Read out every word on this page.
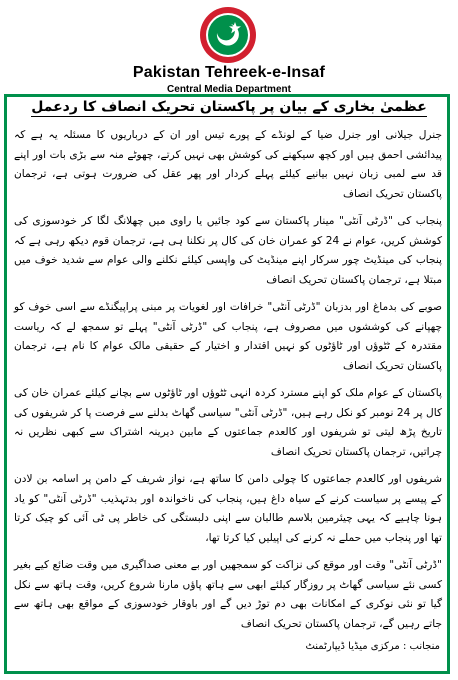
Pakistan Tehreek-e-Insaf
Central Media Department
عظمیٰ بخاری کے بیان پر پاکستان تحریک انصاف کا ردعمل

جنرل جیلانی اور جنرل ضیا کے لونڈے کے پورے تیس اور ان کے درباریوں کا مسئلہ یہ ہے کہ پیدائشی احمق ہیں اور کچھ سیکھنے کی کوشش بھی نہیں کرتے، چھوٹے منہ سے بڑی بات اور اپنے قد سے لمبی زبان نہیں بیانیے کیلئے پہلے کردار اور پھر عقل کی ضرورت ہوتی ہے، ترجمان پاکستان تحریک انصاف

پنجاب کی "ڈرٹی آنٹی" مینار پاکستان سے کود جائیں یا راوی میں چھلانگ لگا کر خودسوزی کی کوشش کریں، عوام نے 24 کو عمران خان کی کال پر نکلنا ہی ہے، ترجمان قوم دیکھ رہی ہے کہ پنجاب کی مینڈیٹ چور سرکار اپنے مینڈیٹ کی واپسی کیلئے نکلنے والی عوام سے شدید خوف میں مبتلا ہے، ترجمان پاکستان تحریک انصاف

صوبے کی بدماغ اور بدزبان "ڈرٹی آنٹی" خرافات اور لغویات پر مبنی پراپیگنڈے سے اسی خوف کو چھپانے کی کوششوں میں مصروف ہے، پنجاب کی "ڈرٹی آنٹی" پہلے تو سمجھ لے کہ ریاست مقتدرہ کے ٹٹوؤں اور ٹاؤٹوں کو نہیں اقتدار و اختیار کے حقیقی مالک عوام کا نام ہے، ترجمان پاکستان تحریک انصاف

پاکستان کے عوام ملک کو اپنے مسترد کردہ انہی ٹٹوؤں اور ٹاؤٹوں سے بچانے کیلئے عمران خان کی کال پر 24 نومبر کو نکل رہے ہیں، "ڈرٹی آنٹی" سیاسی گھاٹ بدلنے سے فرصت پا کر شریفوں کی تاریخ پڑھ لیتی تو شریفوں اور کالعدم جماعتوں کے مابین دیرینہ اشتراک سے کبھی نظریں نہ چراتیں، ترجمان پاکستان تحریک انصاف

شریفوں اور کالعدم جماعتوں کا چولی دامن کا ساتھ ہے، نواز شریف کے دامن پر اسامہ بن لادن کے پیسے پر سیاست کرنے کے سیاہ داغ ہیں، پنجاب کی ناخواندہ اور بدتہذیب "ڈرٹی آنٹی" کو یاد ہونا چاہیے کہ یہی چیئرمین بلاسم طالبان سے اپنی دلبستگی کی خاطر پی ٹی آئی کو چیک کرتا تھا اور پنجاب میں حملے نہ کرنے کی اپیلیں کیا کرتا تھا،

"ڈرٹی آنٹی" وقت اور موقع کی نزاکت کو سمجھیں اور بے معنی صداگیری میں وقت ضائع کیے بغیر کسی نئے سیاسی گھاٹ پر روزگار کیلئے ابھی سے ہاتھ پاؤں مارنا شروع کریں، وقت ہاتھ سے نکل گیا تو نئی نوکری کے امکانات بھی دم توڑ دیں گے اور باوقار خودسوزی کے مواقع بھی ہاتھ سے جاتے رہیں گے، ترجمان پاکستان تحریک انصاف

منجانب : مرکزی میڈیا ڈیپارٹمنٹ
